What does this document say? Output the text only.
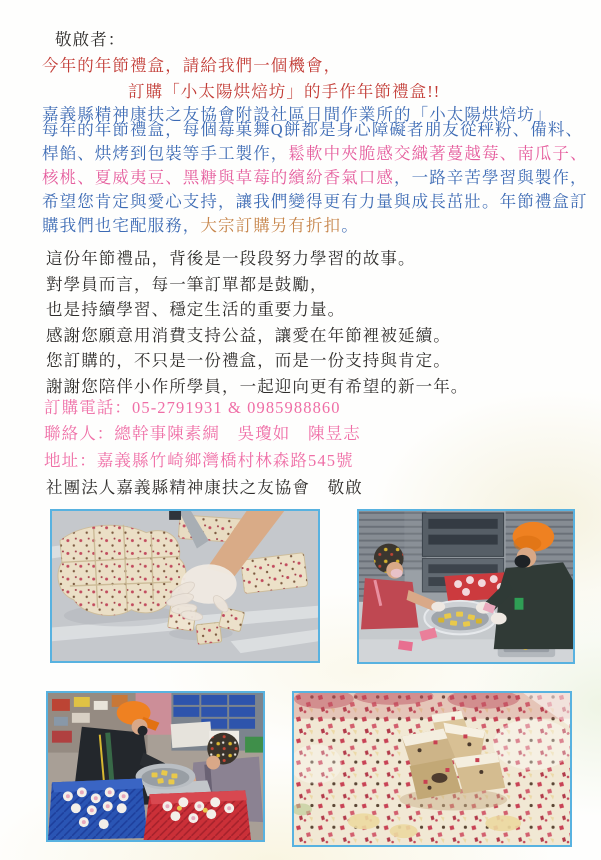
敬啟者：
今年的年節禮盒，請給我們一個機會，
訂購「小太陽烘焙坊」的手作年節禮盒!!
嘉義縣精神康扶之友協會附設社區日間作業所的「小太陽烘焙坊」
每年的年節禮盒，每個莓菓舞Q餅都是身心障礙者朋友從秤粉、備料、
桿餡、烘烤到包裝等手工製作，鬆軟中夾脆感交織著蔓越莓、南瓜子、
核桃、夏威夷豆、黑糖與草莓的繽紛香氣口感，一路辛苦學習與製作，
希望您肯定與愛心支持，讓我們變得更有力量與成長茁壯。年節禮盒訂
購我們也宅配服務，大宗訂購另有折扣。
這份年節禮品，背後是一段段努力學習的故事。
對學員而言，每一筆訂單都是鼓勵，
也是持續學習、穩定生活的重要力量。
感謝您願意用消費支持公益，讓愛在年節裡被延續。
您訂購的，不只是一份禮盒，而是一份支持與肯定。
謝謝您陪伴小作所學員，一起迎向更有希望的新一年。
訂購電話：05-2791931 & 0985988860
聯絡人：總幹事陳素綢　吳瓊如　陳昱志
地址：嘉義縣竹崎鄉灣橋村林森路545號
社團法人嘉義縣精神康扶之友協會　敬啟
